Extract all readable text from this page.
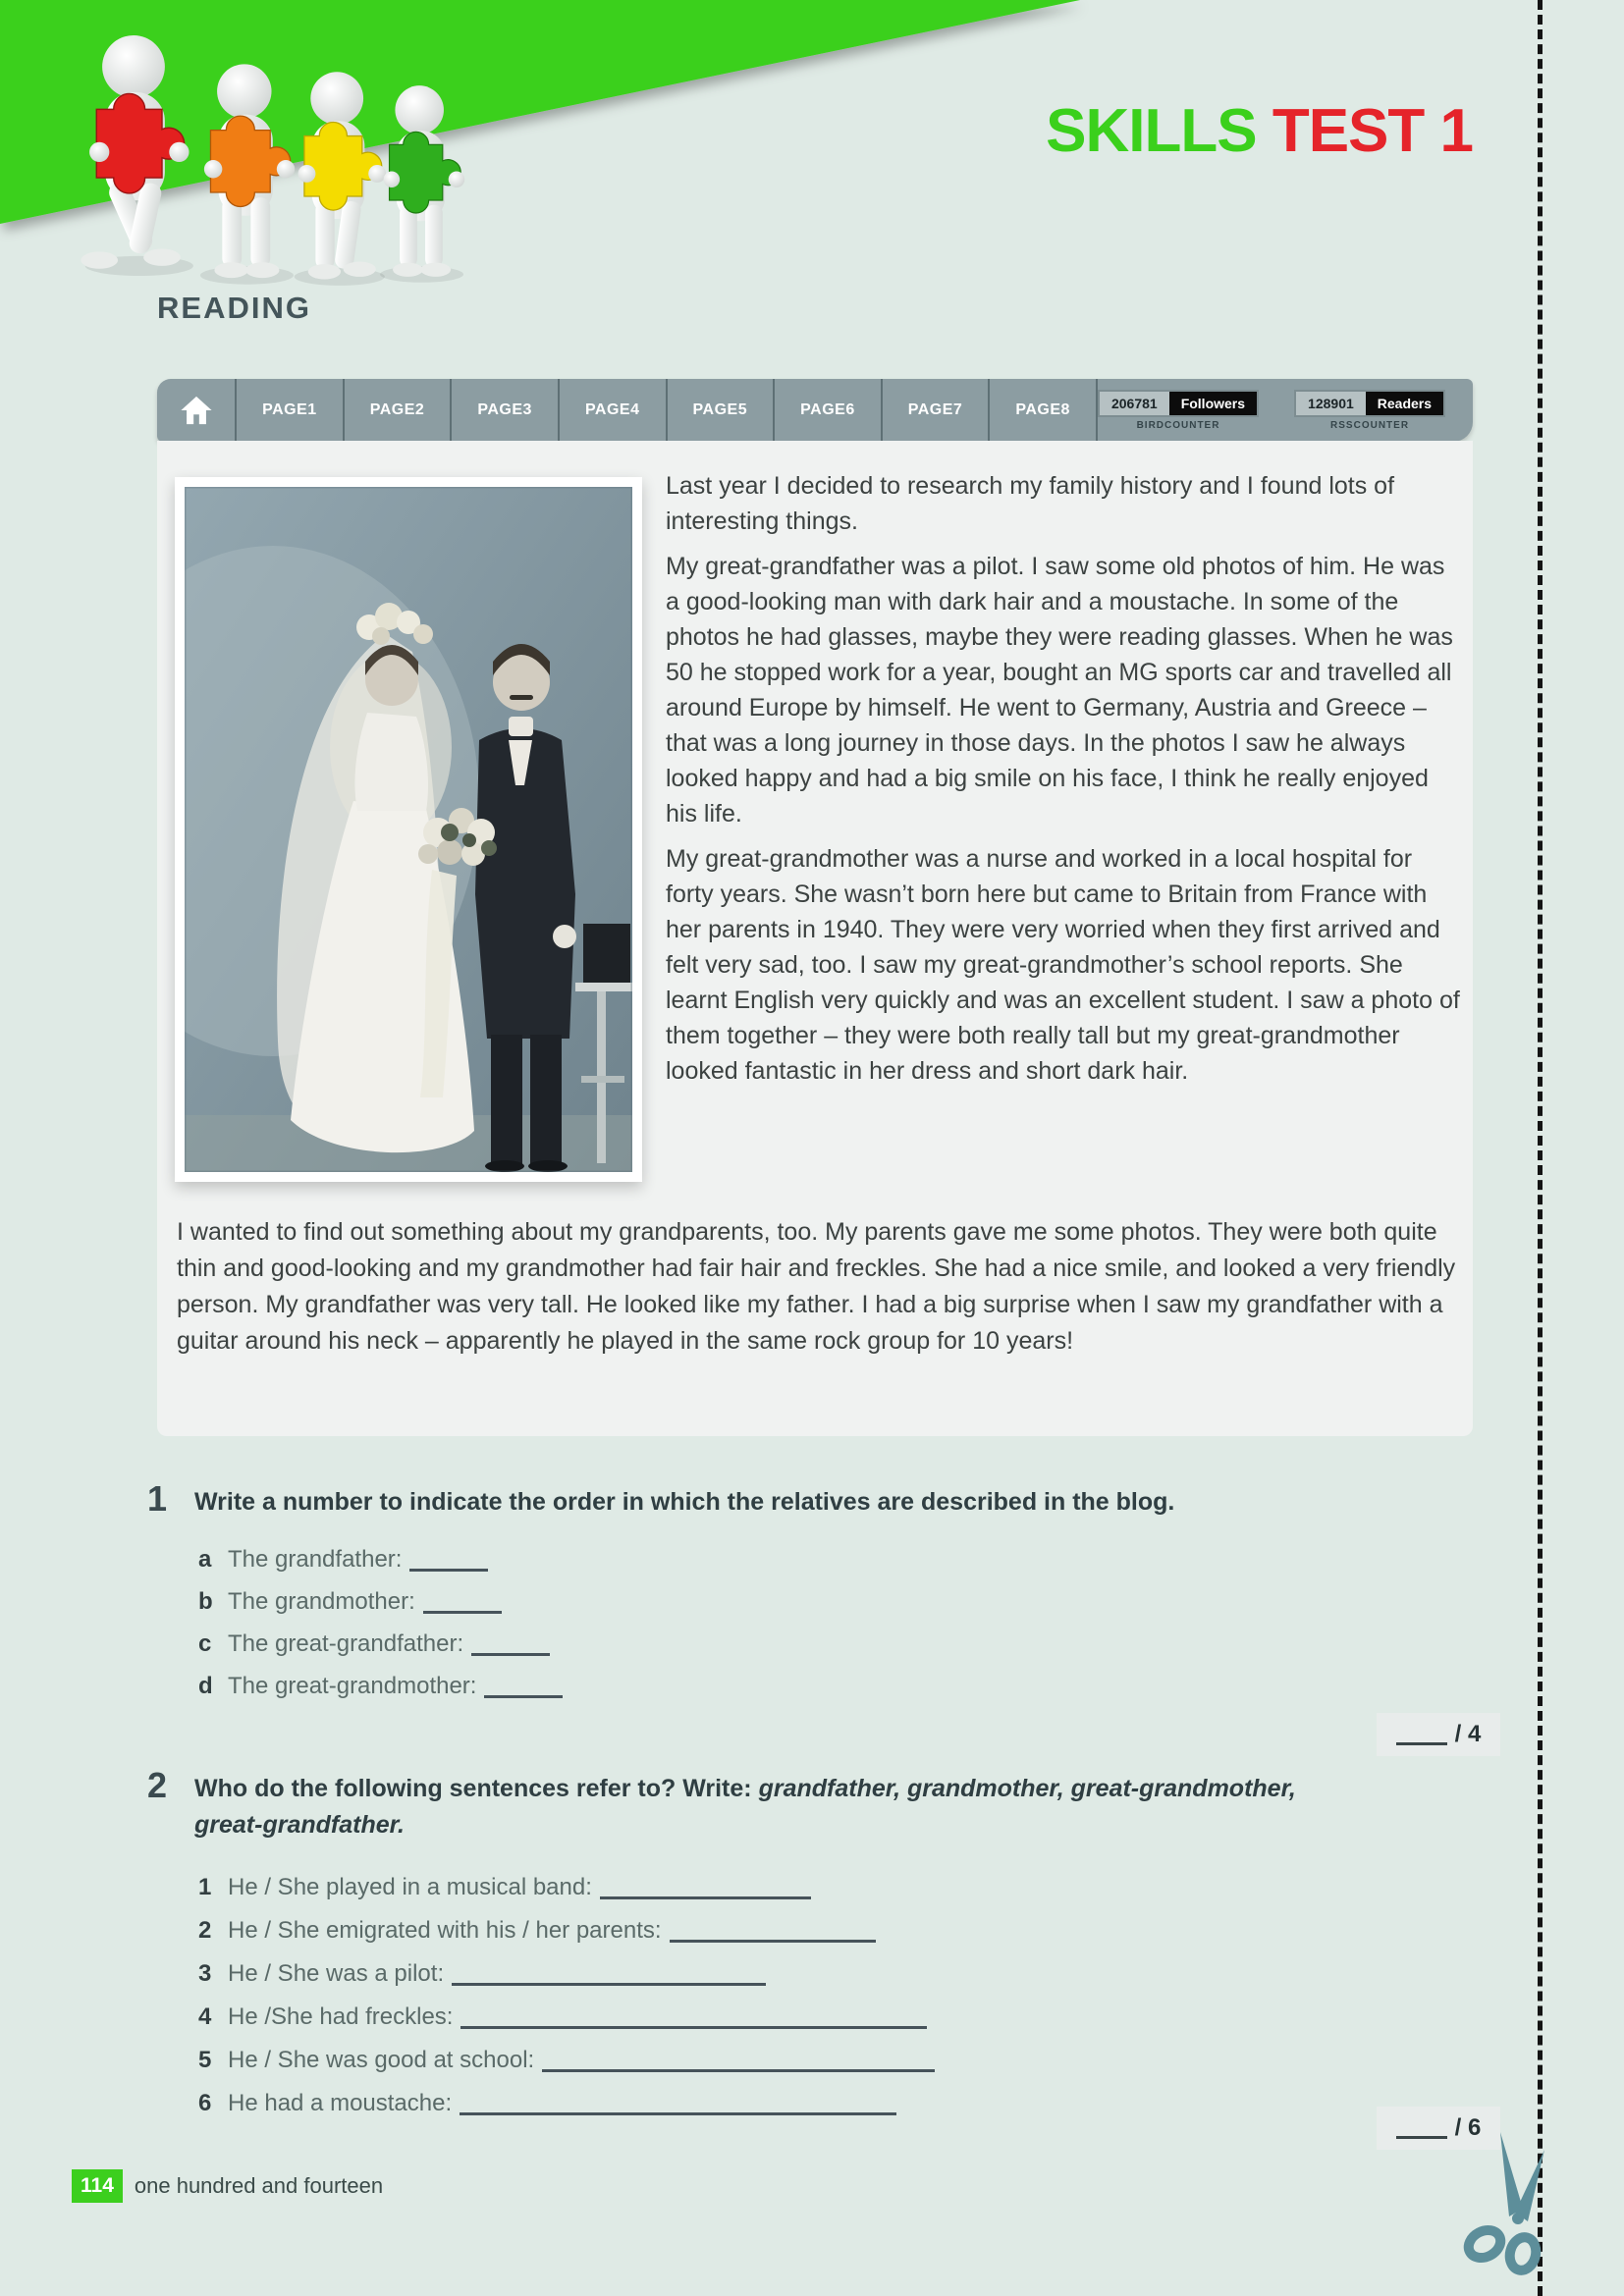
SKILLS TEST 1
READING
PAGE1	PAGE2	PAGE3	PAGE4	PAGE5	PAGE6	PAGE7	PAGE8	206781	Followers
BIRDCOUNTER
128901	Readers
RSSCOUNTER

Last year I decided to research my family history and I found lots of interesting things.

My great-grandfather was a pilot. I saw some old photos of him. He was a good-looking man with dark hair and a moustache. In some of the photos he had glasses, maybe they were reading glasses. When he was 50 he stopped work for a year, bought an MG sports car and travelled all around Europe by himself. He went to Germany, Austria and Greece – that was a long journey in those days. In the photos I saw he always looked happy and had a big smile on his face, I think he really enjoyed his life.

My great-grandmother was a nurse and worked in a local hospital for forty years. She wasn’t born here but came to Britain from France with her parents in 1940. They were very worried when they first arrived and felt very sad, too. I saw my great-grandmother’s school reports. She learnt English very quickly and was an excellent student. I saw a photo of them together – they were both really tall but my great-grandmother looked fantastic in her dress and short dark hair.

I wanted to find out something about my grandparents, too. My parents gave me some photos. They were both quite thin and good-looking and my grandmother had fair hair and freckles. She had a nice smile, and looked a very friendly person. My grandfather was very tall. He looked like my father. I had a big surprise when I saw my grandfather with a guitar around his neck – apparently he played in the same rock group for 10 years!
1 Write a number to indicate the order in which the relatives are described in the blog.
a The grandfather:
b The grandmother:
c The great-grandfather:
d The great-grandmother:
/ 4
2 Who do the following sentences refer to? Write: grandfather, grandmother, great-grandmother,
great-grandfather.
1 He / She played in a musical band:
2 He / She emigrated with his / her parents:
3 He / She was a pilot:
4 He /She had freckles:
5 He / She was good at school:
6 He had a moustache:
/ 6
114 one hundred and fourteen
